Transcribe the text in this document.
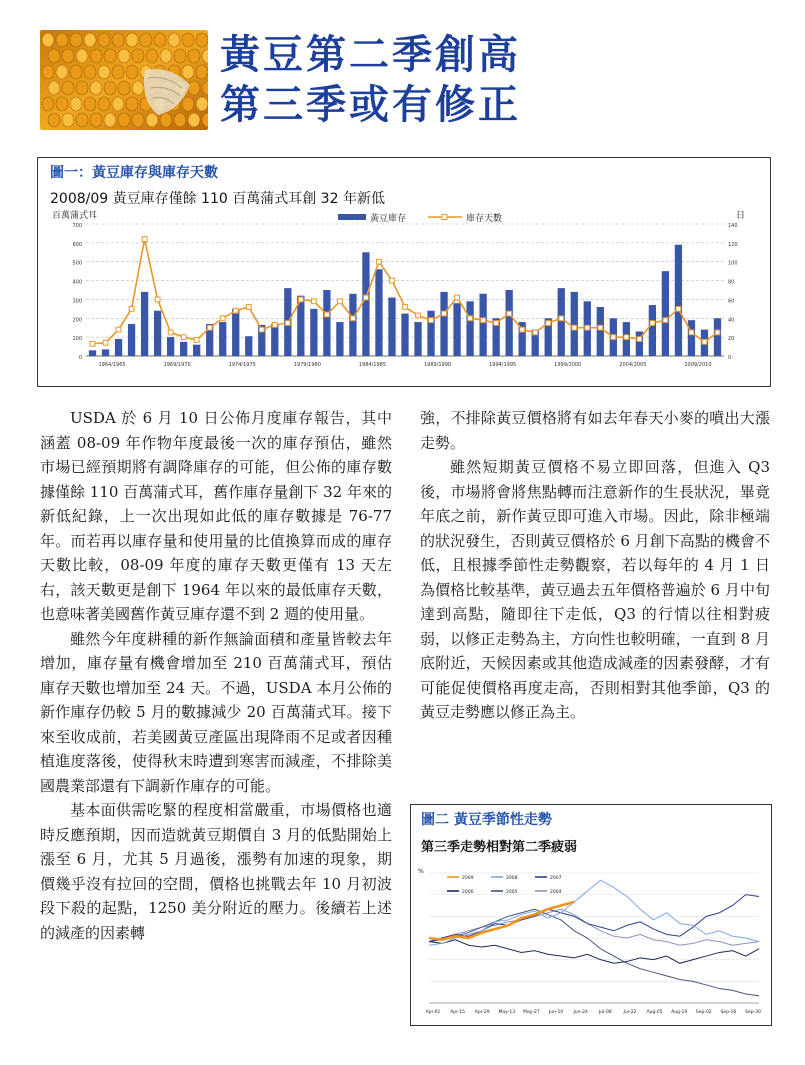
黃豆第二季創高
第三季或有修正
圖一：黃豆庫存與庫存天數
2008/09 黃豆庫存僅餘 110 百萬蒲式耳創 32 年新低
百萬蒲式耳	日
0
100
200
300
400
500
600
700
0
20
40
60
80
100
120
140
1964/1965	1969/1970	1974/1975	1979/1980	1984/1985	1989/1990	1994/1995	1999/2000	2004/2005	2009/2010
黃豆庫存	庫存天數

USDA 於 6 月 10 日公佈月度庫存報告，其中涵蓋 08-09 年作物年度最後一次的庫存預估，雖然市場已經預期將有調降庫存的可能，但公佈的庫存數據僅餘 110 百萬蒲式耳，舊作庫存量創下 32 年來的新低紀錄，上一次出現如此低的庫存數據是 76-77 年。而若再以庫存量和使用量的比值換算而成的庫存天數比較，08-09 年度的庫存天數更僅有 13 天左右，該天數更是創下 1964 年以來的最低庫存天數，也意味著美國舊作黃豆庫存還不到 2 週的使用量。

雖然今年度耕種的新作無論面積和產量皆較去年增加，庫存量有機會增加至 210 百萬蒲式耳，預估庫存天數也增加至 24 天。不過，USDA 本月公佈的新作庫存仍較 5 月的數據減少 20 百萬蒲式耳。接下來至收成前，若美國黃豆產區出現降雨不足或者因種植進度落後，使得秋末時遭到寒害而減產，不排除美國農業部還有下調新作庫存的可能。

基本面供需吃緊的程度相當嚴重，市場價格也適時反應預期，因而造就黃豆期價自 3 月的低點開始上漲至 6 月，尤其 5 月過後，漲勢有加速的現象，期價幾乎沒有拉回的空間，價格也挑戰去年 10 月初波段下殺的起點，1250 美分附近的壓力。後續若上述的減產的因素轉

強，不排除黃豆價格將有如去年春天小麥的噴出大漲走勢。

雖然短期黃豆價格不易立即回落，但進入 Q3 後，市場將會將焦點轉而注意新作的生長狀況，畢竟年底之前，新作黃豆即可進入市場。因此，除非極端的狀況發生，否則黃豆價格於 6 月創下高點的機會不低，且根據季節性走勢觀察，若以每年的 4 月 1 日為價格比較基準，黃豆過去五年價格普遍於 6 月中旬達到高點，隨即往下走低，Q3 的行情以往相對疲弱，以修正走勢為主，方向性也較明確，一直到 8 月底附近，天候因素或其他造成減產的因素發酵，才有可能促使價格再度走高，否則相對其他季節，Q3 的黃豆走勢應以修正為主。

圖二 黃豆季節性走勢
第三季走勢相對第二季疲弱
%
Apr-01 Apr-15 Apr-29 May-13 May-27 Jun-10 Jun-24 Jul-08	Jul-22 Aug-05 Aug-19 Sep-02 Sep-16 Sep-30
2009	2008	2007
2006	2005	2004
